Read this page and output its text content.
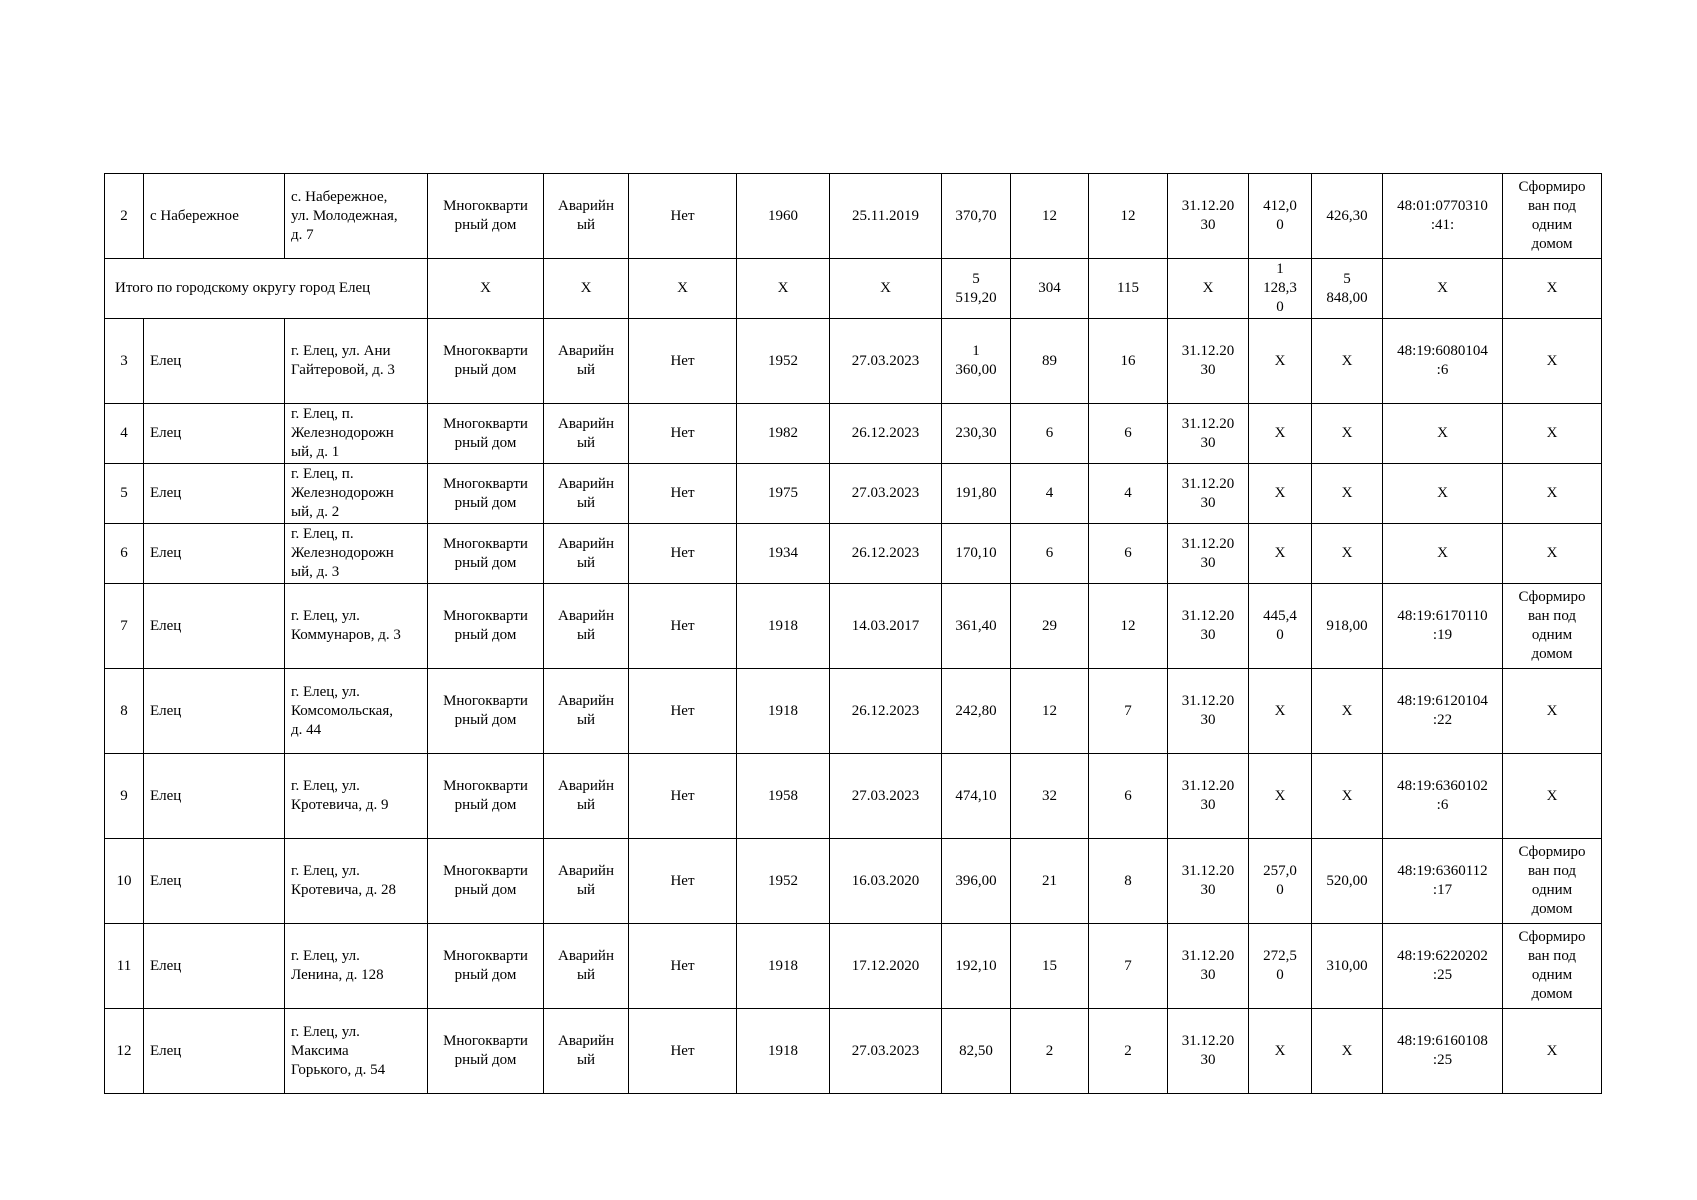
2	с Набережное	с. Набережное,
ул. Молодежная,
д. 7	Многокварти
рный дом	Аварийн
ый	Нет	1960	25.11.2019	370,70	12	12	31.12.20
30	412,0
0	426,30	48:01:0770310
:41:	Сформиро
ван под
одним
домом
Итого по городскому округу город Елец			Х	Х	Х	Х	Х	5
519,20	304	115	Х	1
128,3
0	5
848,00	Х	Х
3	Елец	г. Елец, ул. Ани
Гайтеровой, д. 3	Многокварти
рный дом	Аварийн
ый	Нет	1952	27.03.2023	1
360,00	89	16	31.12.20
30	Х	Х	48:19:6080104
:6	Х
4	Елец	г. Елец, п.
Железнодорожн
ый, д. 1	Многокварти
рный дом	Аварийн
ый	Нет	1982	26.12.2023	230,30	6	6	31.12.20
30	Х	Х	Х	Х
5	Елец	г. Елец, п.
Железнодорожн
ый, д. 2	Многокварти
рный дом	Аварийн
ый	Нет	1975	27.03.2023	191,80	4	4	31.12.20
30	Х	Х	Х	Х
6	Елец	г. Елец, п.
Железнодорожн
ый, д. 3	Многокварти
рный дом	Аварийн
ый	Нет	1934	26.12.2023	170,10	6	6	31.12.20
30	Х	Х	Х	Х
7	Елец	г. Елец, ул.
Коммунаров, д. 3	Многокварти
рный дом	Аварийн
ый	Нет	1918	14.03.2017	361,40	29	12	31.12.20
30	445,4
0	918,00	48:19:6170110
:19	Сформиро
ван под
одним
домом
8	Елец	г. Елец, ул.
Комсомольская,
д. 44	Многокварти
рный дом	Аварийн
ый	Нет	1918	26.12.2023	242,80	12	7	31.12.20
30	Х	Х	48:19:6120104
:22	Х
9	Елец	г. Елец, ул.
Кротевича, д. 9	Многокварти
рный дом	Аварийн
ый	Нет	1958	27.03.2023	474,10	32	6	31.12.20
30	Х	Х	48:19:6360102
:6	Х
10	Елец	г. Елец, ул.
Кротевича, д. 28	Многокварти
рный дом	Аварийн
ый	Нет	1952	16.03.2020	396,00	21	8	31.12.20
30	257,0
0	520,00	48:19:6360112
:17	Сформиро
ван под
одним
домом
11	Елец	г. Елец, ул.
Ленина, д. 128	Многокварти
рный дом	Аварийн
ый	Нет	1918	17.12.2020	192,10	15	7	31.12.20
30	272,5
0	310,00	48:19:6220202
:25	Сформиро
ван под
одним
домом
12	Елец	г. Елец, ул.
Максима
Горького, д. 54	Многокварти
рный дом	Аварийн
ый	Нет	1918	27.03.2023	82,50	2	2	31.12.20
30	Х	Х	48:19:6160108
:25	Х
